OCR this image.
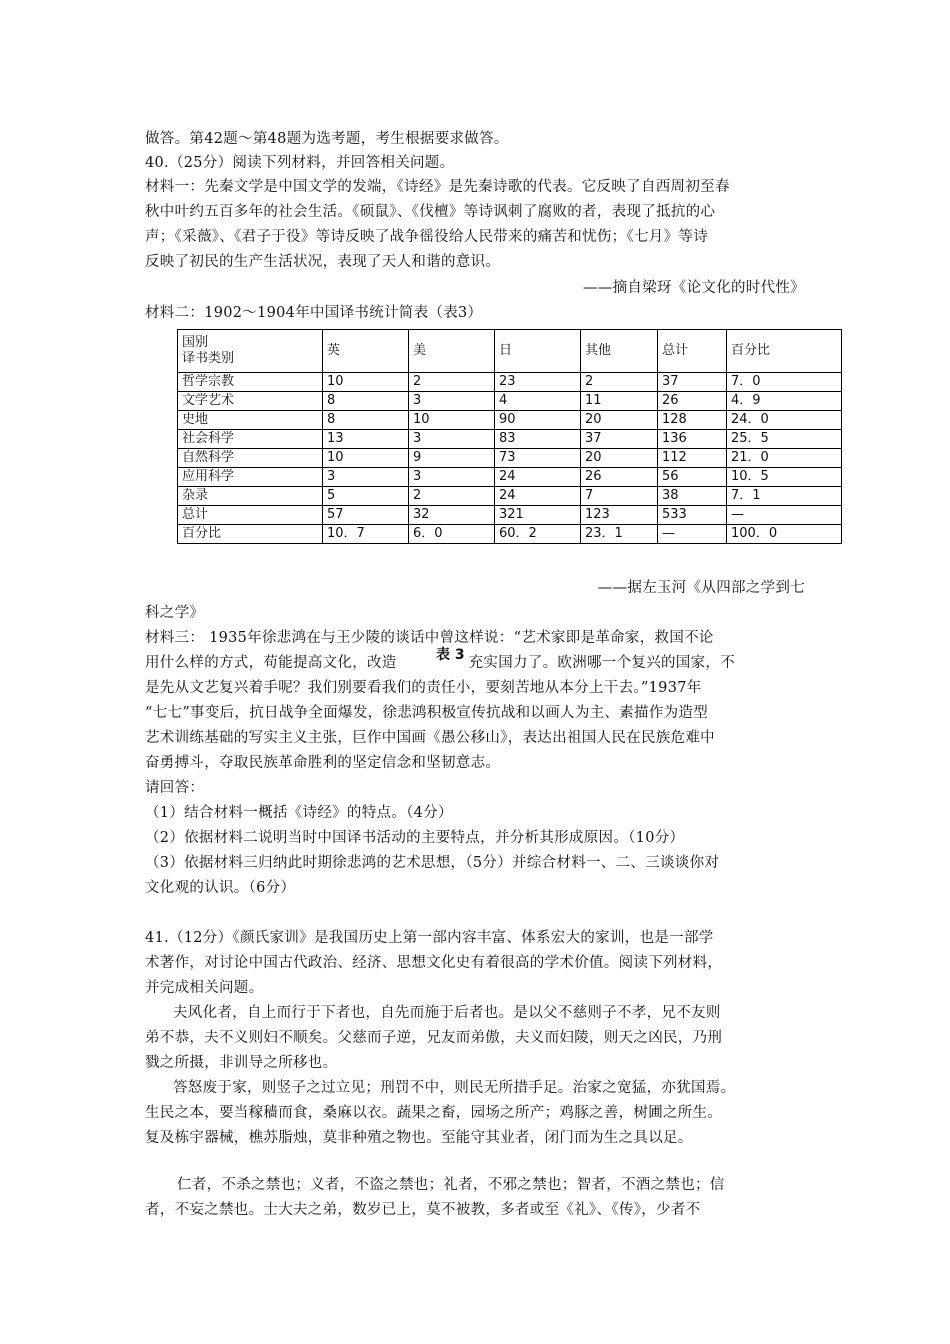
做答。第42题～第48题为选考题，考生根据要求做答。
40.（25分）阅读下列材料，并回答相关问题。
材料一：先秦文学是中国文学的发端，《诗经》是先秦诗歌的代表。它反映了自西周初至春
秋中叶约五百多年的社会生活。《硕鼠》、《伐檀》等诗讽刺了腐败的者，表现了抵抗的心
声；《采薇》、《君子于役》等诗反映了战争徭役给人民带来的痛苦和忧伤；《七月》等诗
反映了初民的生产生活状况，表现了天人和谐的意识。
——摘自梁玡《论文化的时代性》
材料二：1902～1904年中国译书统计简表（表3）
国别
译书类别	英	美	日	其他	总计	百分比
哲学宗教	10	2	23	2	37	7．0
文学艺术	8	3	4	11	26	4．9
史地	8	10	90	20	128	24．0
社会科学	13	3	83	37	136	25．5
自然科学	10	9	73	20	112	21．0
应用科学	3	3	24	26	56	10．5
杂录	5	2	24	7	38	7．1
总计	57	32	321	123	533	—
百分比	10．7	6．0	60．2	23．1	—	100．0
——据左玉河《从四部之学到七
科之学》
材料三： 1935年徐悲鸿在与王少陵的谈话中曾这样说：“艺术家即是革命家，救国不论
用什么样的方式，苟能提高文化，改造	充实国力了。欧洲哪一个复兴的国家，不
表 3
是先从文艺复兴着手呢？我们别要看我们的责任小，要刻苦地从本分上干去。”1937年
“七七”事变后，抗日战争全面爆发，徐悲鸿积极宣传抗战和以画人为主、素描作为造型
艺术训练基础的写实主义主张，巨作中国画《愚公移山》，表达出祖国人民在民族危难中
奋勇搏斗，夺取民族革命胜利的坚定信念和坚韧意志。
请回答：
（1）结合材料一概括《诗经》的特点。（4分）
（2）依据材料二说明当时中国译书活动的主要特点，并分析其形成原因。（10分）
（3）依据材料三归纳此时期徐悲鸿的艺术思想，（5分）并综合材料一、二、三谈谈你对
文化观的认识。（6分）
41.（12分）《颜氏家训》是我国历史上第一部内容丰富、体系宏大的家训，也是一部学
术著作，对讨论中国古代政治、经济、思想文化史有着很高的学术价值。阅读下列材料，
并完成相关问题。
夫风化者，自上而行于下者也，自先而施于后者也。是以父不慈则子不孝，兄不友则
弟不恭，夫不义则妇不顺矣。父慈而子逆，兄友而弟傲，夫义而妇陵，则天之凶民，乃刑
戮之所摄，非训导之所移也。
答怒废于家，则竖子之过立见；刑罚不中，则民无所措手足。治家之宽猛，亦犹国焉。
生民之本，要当稼穑而食，桑麻以衣。蔬果之畜，园场之所产；鸡豚之善，树圃之所生。
复及栋宇器械，樵苏脂烛，莫非种殖之物也。至能守其业者，闭门而为生之具以足。
仁者，不杀之禁也；义者，不盗之禁也；礼者，不邪之禁也；智者，不酒之禁也；信
者，不妄之禁也。士大夫之弟，数岁已上，莫不被教，多者或至《礼》、《传》，少者不
